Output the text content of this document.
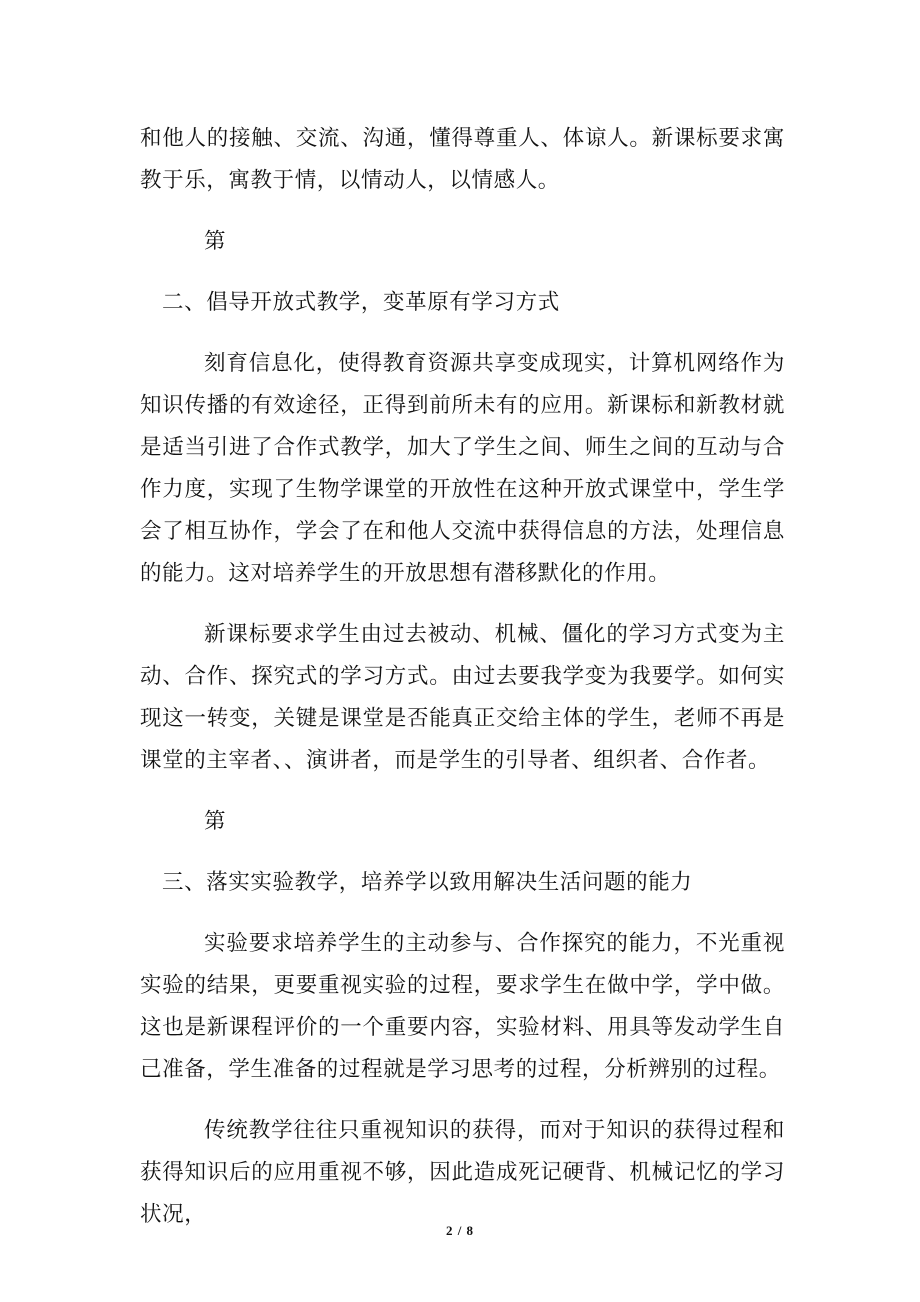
和他人的接触、交流、沟通，懂得尊重人、体谅人。新课标要求寓教于乐，寓教于情，以情动人，以情感人。

第

二、倡导开放式教学，变革原有学习方式

刻育信息化，使得教育资源共享变成现实，计算机网络作为知识传播的有效途径，正得到前所未有的应用。新课标和新教材就是适当引进了合作式教学，加大了学生之间、师生之间的互动与合作力度，实现了生物学课堂的开放性在这种开放式课堂中，学生学会了相互协作，学会了在和他人交流中获得信息的方法，处理信息的能力。这对培养学生的开放思想有潜移默化的作用。

新课标要求学生由过去被动、机械、僵化的学习方式变为主动、合作、探究式的学习方式。由过去要我学变为我要学。如何实现这一转变，关键是课堂是否能真正交给主体的学生，老师不再是课堂的主宰者、、演讲者，而是学生的引导者、组织者、合作者。

第

三、落实实验教学，培养学以致用解决生活问题的能力

实验要求培养学生的主动参与、合作探究的能力，不光重视实验的结果，更要重视实验的过程，要求学生在做中学，学中做。这也是新课程评价的一个重要内容，实验材料、用具等发动学生自己准备，学生准备的过程就是学习思考的过程，分析辨别的过程。

传统教学往往只重视知识的获得，而对于知识的获得过程和获得知识后的应用重视不够，因此造成死记硬背、机械记忆的学习状况，

2 / 8
